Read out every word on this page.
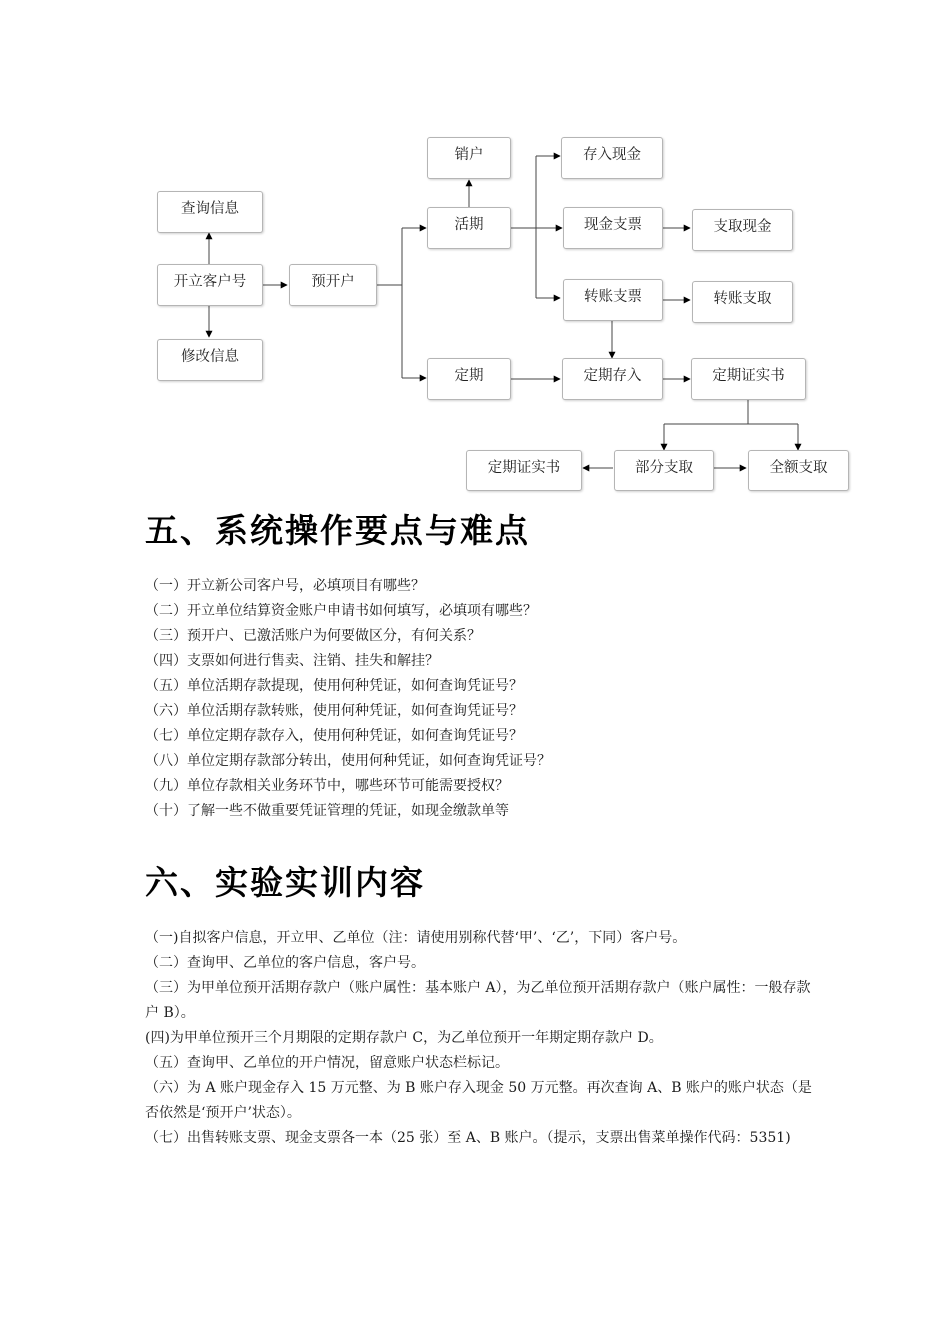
查询信息
开立客户号
修改信息
预开户
销户
活期
定期
存入现金
现金支票	支取现金
转账支票	转账支取
定期存入	定期证实书
部分支取	全额支取
定期证实书
五、系统操作要点与难点
（一）开立新公司客户号，必填项目有哪些？
（二）开立单位结算资金账户申请书如何填写，必填项有哪些？
（三）预开户、已激活账户为何要做区分，有何关系？
（四）支票如何进行售卖、注销、挂失和解挂？
（五）单位活期存款提现，使用何种凭证，如何查询凭证号？
（六）单位活期存款转账，使用何种凭证，如何查询凭证号？
（七）单位定期存款存入，使用何种凭证，如何查询凭证号？
（八）单位定期存款部分转出，使用何种凭证，如何查询凭证号？
（九）单位存款相关业务环节中，哪些环节可能需要授权？
（十）了解一些不做重要凭证管理的凭证，如现金缴款单等
六、实验实训内容
（一)自拟客户信息，开立甲、乙单位（注：请使用别称代替‘甲’、‘乙’，下同）客户号。
（二）查询甲、乙单位的客户信息，客户号。
（三）为甲单位预开活期存款户（账户属性：基本账户 A），为乙单位预开活期存款户（账户属性：一般存款户 B）。
(四)为甲单位预开三个月期限的定期存款户 C，为乙单位预开一年期定期存款户 D。
（五）查询甲、乙单位的开户情况，留意账户状态栏标记。
（六）为 A 账户现金存入 15 万元整、为 B 账户存入现金 50 万元整。再次查询 A、B 账户的账户状态（是否依然是‘预开户’状态）。
（七）出售转账支票、现金支票各一本（25 张）至 A、B 账户。（提示，支票出售菜单操作代码：5351)
